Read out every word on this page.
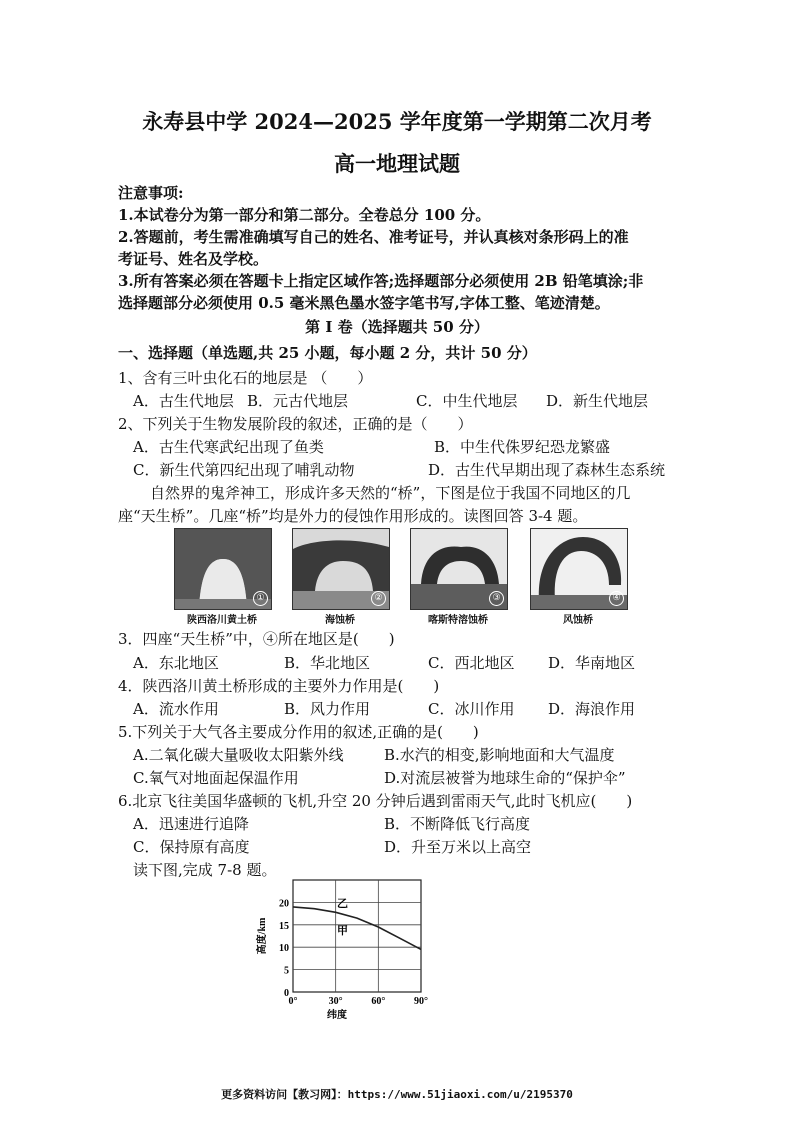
永寿县中学 2024—2025 学年度第一学期第二次月考
高一地理试题
注意事项:
1.本试卷分为第一部分和第二部分。全卷总分 100 分。
2.答题前，考生需准确填写自己的姓名、准考证号，并认真核对条形码上的准
考证号、姓名及学校。
3.所有答案必须在答题卡上指定区域作答;选择题部分必须使用 2B 铅笔填涂;非
选择题部分必须使用 0.5 毫米黑色墨水签字笔书写,字体工整、笔迹清楚。
第 I 卷（选择题共 50 分）
一、选择题（单选题,共 25 小题，每小题 2 分，共计 50 分）
1、含有三叶虫化石的地层是 （　　）
A．古生代地层 B．元古代地层	C．中生代地层 D．新生代地层
2、下列关于生物发展阶段的叙述，正确的是（　　）
A．古生代寒武纪出现了鱼类	B．中生代侏罗纪恐龙繁盛
C．新生代第四纪出现了哺乳动物	D．古生代早期出现了森林生态系统
自然界的鬼斧神工，形成许多天然的“桥”，下图是位于我国不同地区的几
座“天生桥”。几座“桥”均是外力的侵蚀作用形成的。读图回答 3-4 题。
①	②	③	④
陕西洛川黄土桥	海蚀桥	喀斯特溶蚀桥	风蚀桥
3．四座“天生桥”中，④所在地区是(　　)
A．东北地区	B．华北地区	C．西北地区 D．华南地区
4．陕西洛川黄土桥形成的主要外力作用是(　　)
A．流水作用	B．风力作用	C．冰川作用 D．海浪作用
5.下列关于大气各主要成分作用的叙述,正确的是(　　)
A.二氧化碳大量吸收太阳紫外线	B.水汽的相变,影响地面和大气温度
C.氧气对地面起保温作用	D.对流层被誉为地球生命的“保护伞”
6.北京飞往美国华盛顿的飞机,升空 20 分钟后遇到雷雨天气,此时飞机应(　　)
A．迅速进行追降	B．不断降低飞行高度
C．保持原有高度	D．升至万米以上高空
读下图,完成 7-8 题。
0°	30°	60°	90°
0
5
10
15
20	乙
甲
纬度
高度/km
更多资料访问【教习网】：https://www.51jiaoxi.com/u/2195370
